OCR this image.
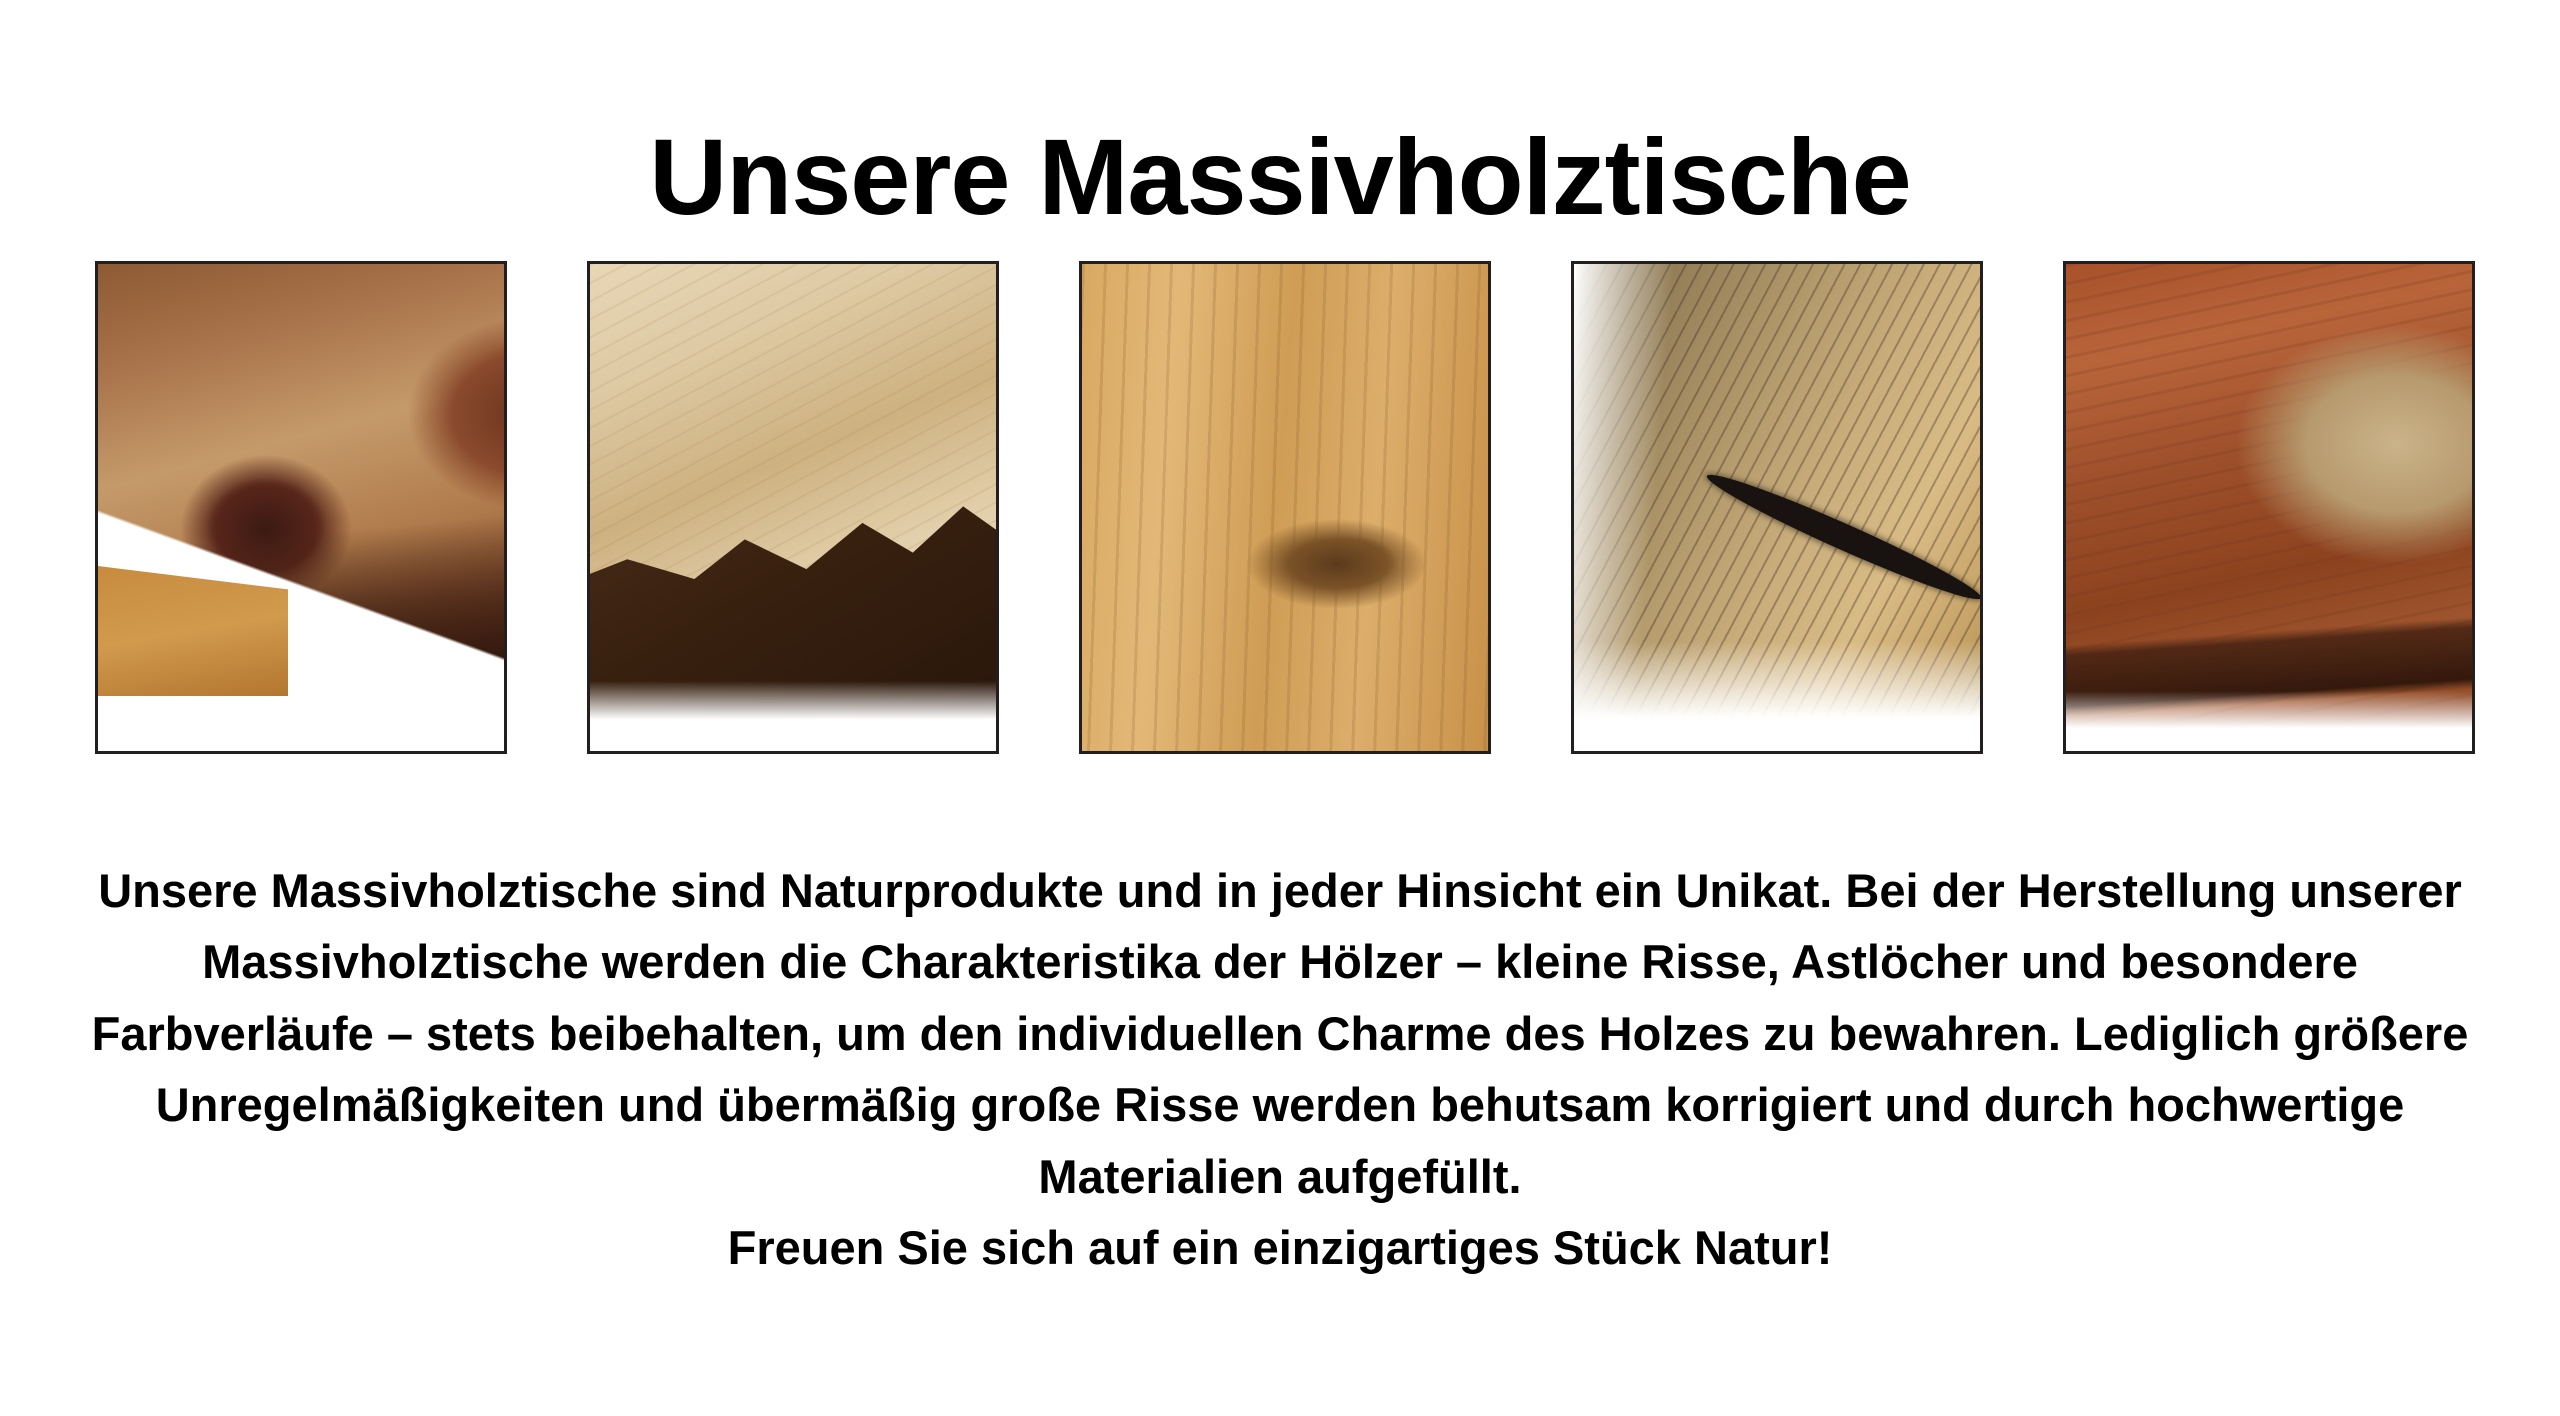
Unsere Massivholztische

Unsere Massivholztische sind Naturprodukte und in jeder Hinsicht ein Unikat. Bei der Herstellung unserer Massivholztische werden die Charakteristika der Hölzer – kleine Risse, Astlöcher und besondere Farbverläufe – stets beibehalten, um den individuellen Charme des Holzes zu bewahren. Lediglich größere Unregelmäßigkeiten und übermäßig große Risse werden behutsam korrigiert und durch hochwertige Materialien aufgefüllt.

Freuen Sie sich auf ein einzigartiges Stück Natur!
